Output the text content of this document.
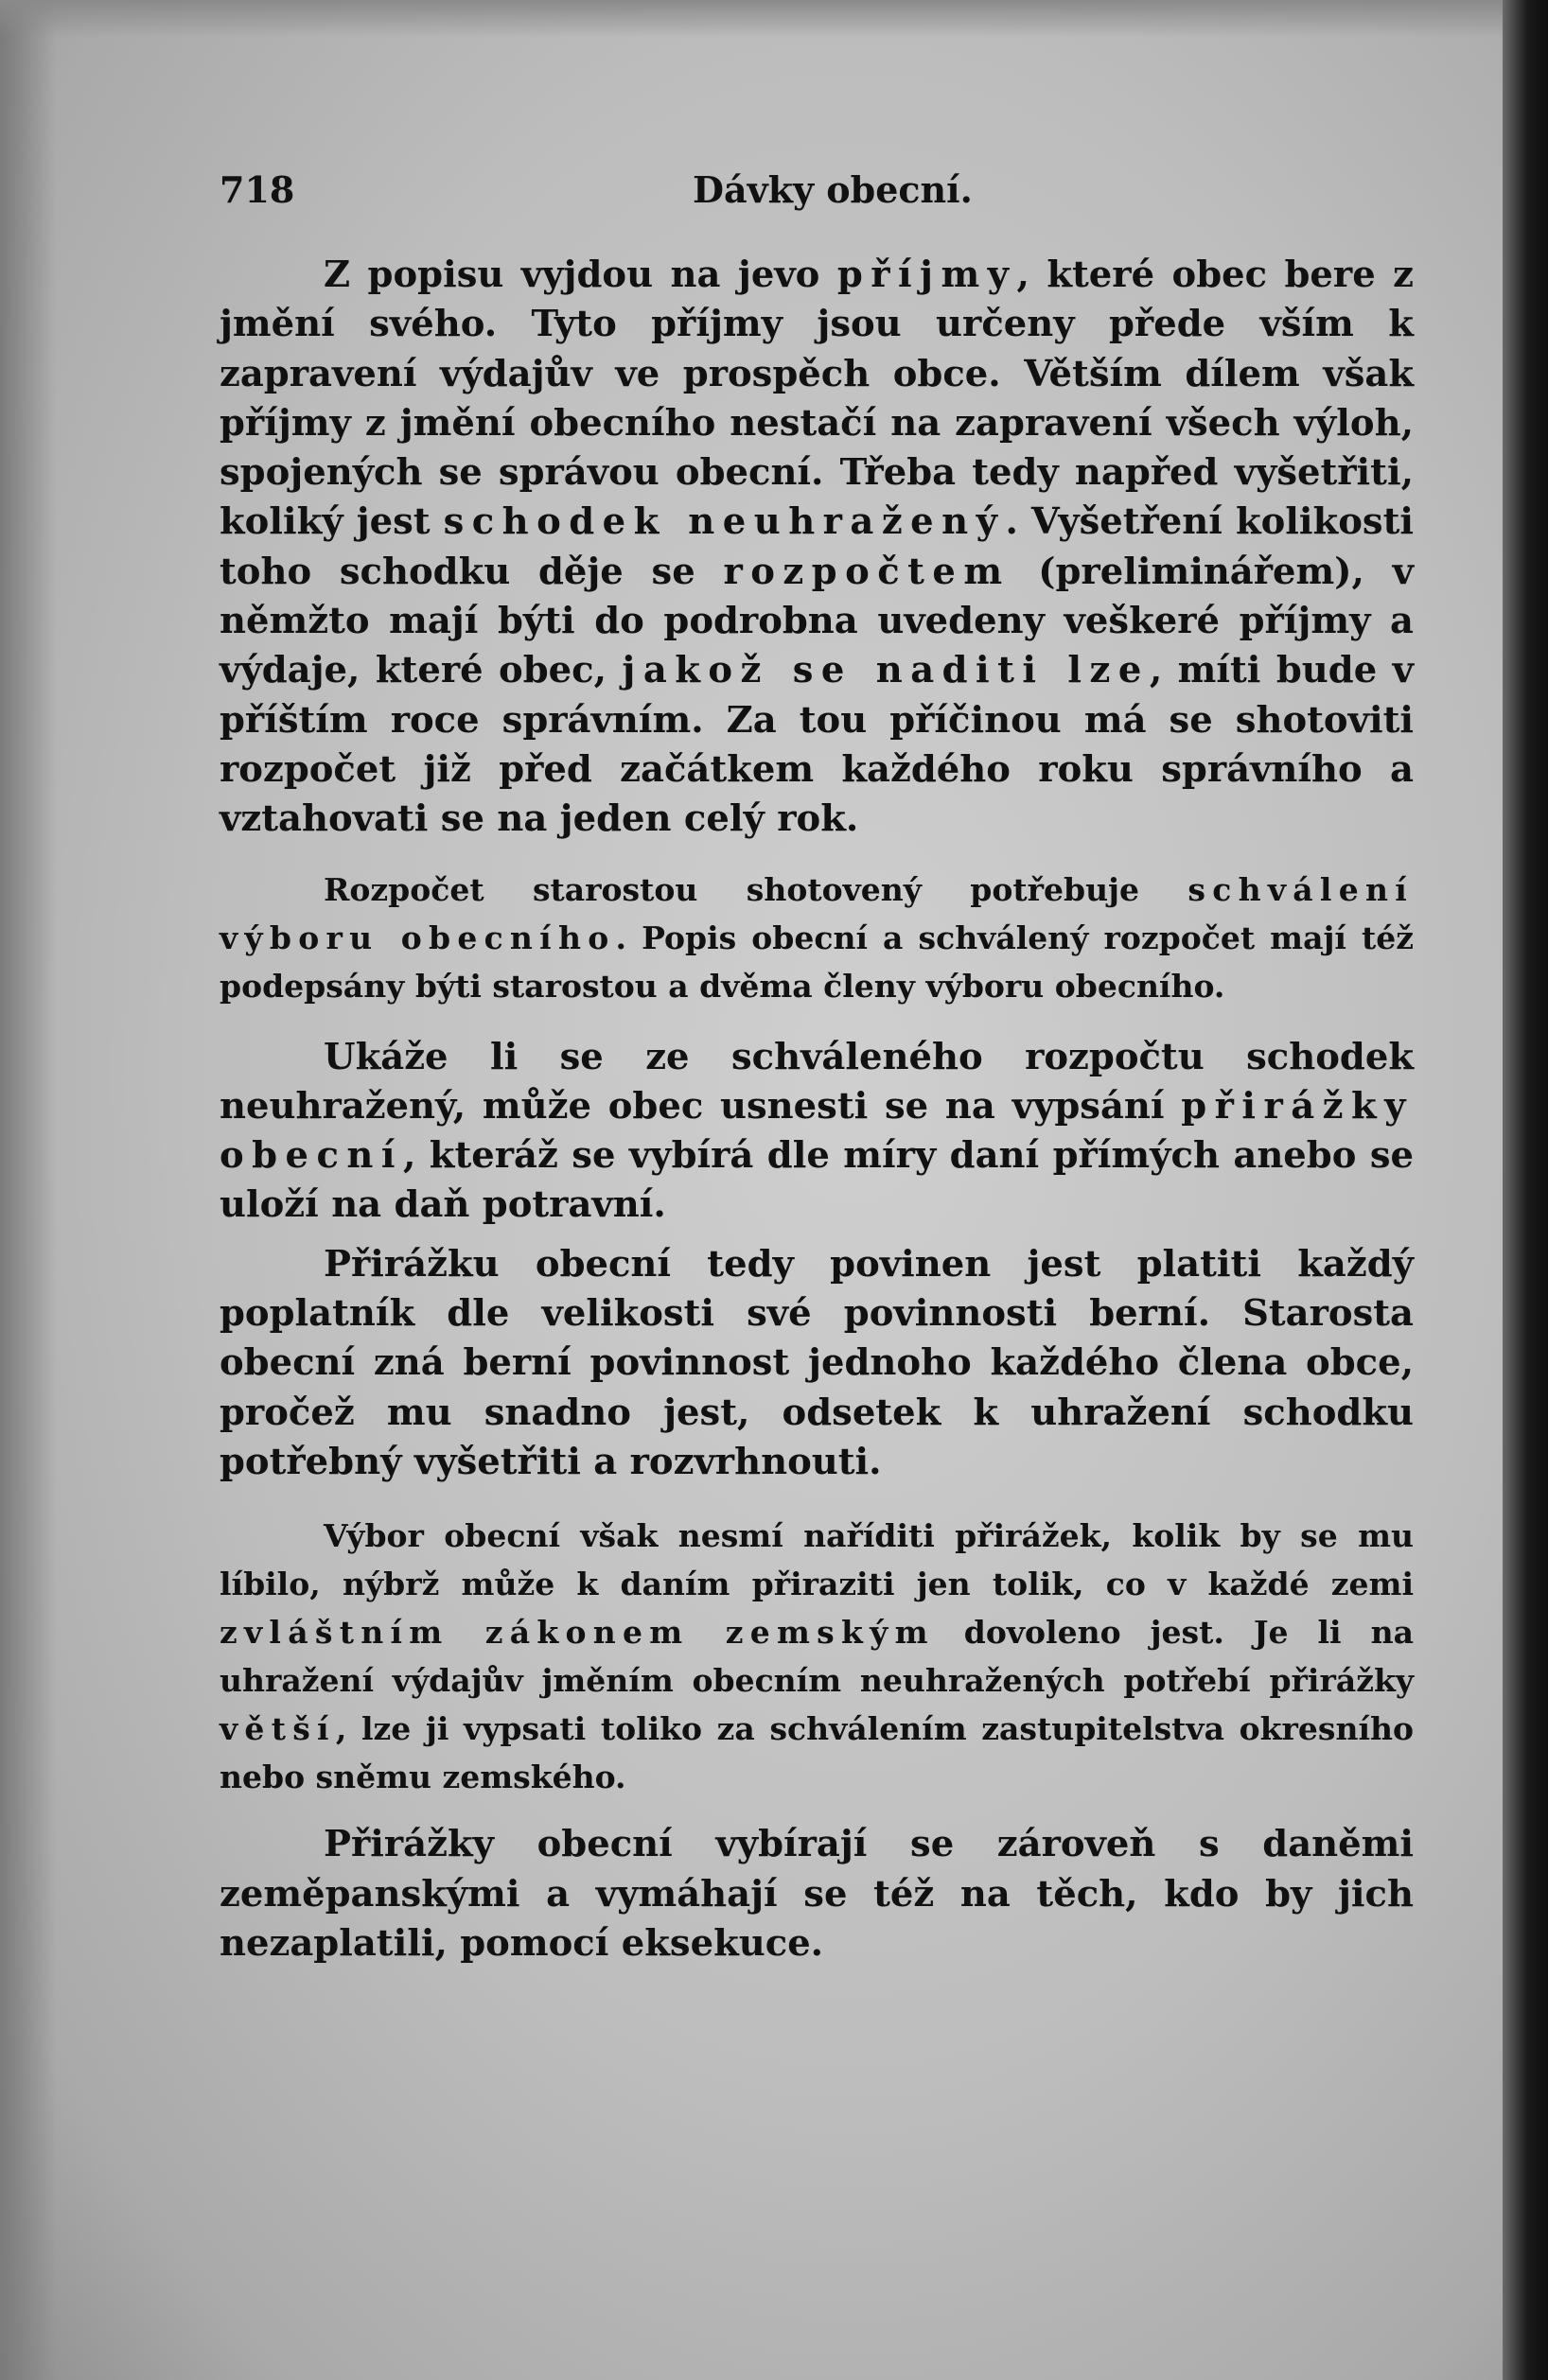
718	Dávky obecní.

Z popisu vyjdou na jevo příjmy, které obec bere z jmění svého. Tyto příjmy jsou určeny přede vším k zapravení výdajův ve prospěch obce. Větším dílem však příjmy z jmění obecního nestačí na zapravení všech výloh, spojených se správou obecní. Třeba tedy napřed vyšetřiti, koliký jest schodek neuhražený. Vyšetření kolikosti toho schodku děje se rozpočtem (preliminářem), v němžto mají býti do podrobna uvedeny veškeré příjmy a výdaje, které obec, jakož se naditi lze, míti bude v příštím roce správním. Za tou příčinou má se shotoviti rozpočet již před začátkem každého roku správního a vztahovati se na jeden celý rok.

Rozpočet starostou shotovený potřebuje schválení výboru obecního. Popis obecní a schválený rozpočet mají též podepsány býti starostou a dvěma členy výboru obecního.

Ukáže li se ze schváleného rozpočtu schodek neuhražený, může obec usnesti se na vypsání přirážky obecní, kteráž se vybírá dle míry daní přímých anebo se uloží na daň potravní.

Přirážku obecní tedy povinen jest platiti každý poplatník dle velikosti své povinnosti berní. Starosta obecní zná berní povinnost jednoho každého člena obce, pročež mu snadno jest, odsetek k uhražení schodku potřebný vyšetřiti a rozvrhnouti.

Výbor obecní však nesmí naříditi přirážek, kolik by se mu líbilo, nýbrž může k daním přiraziti jen tolik, co v každé zemi zvláštním zákonem zemským dovoleno jest. Je li na uhražení výdajův jměním obecním neuhražených potřebí přirážky větší, lze ji vypsati toliko za schválením zastupitelstva okresního nebo sněmu zemského.

Přirážky obecní vybírají se zároveň s daněmi zeměpanskými a vymáhají se též na těch, kdo by jich nezaplatili, pomocí eksekuce.
